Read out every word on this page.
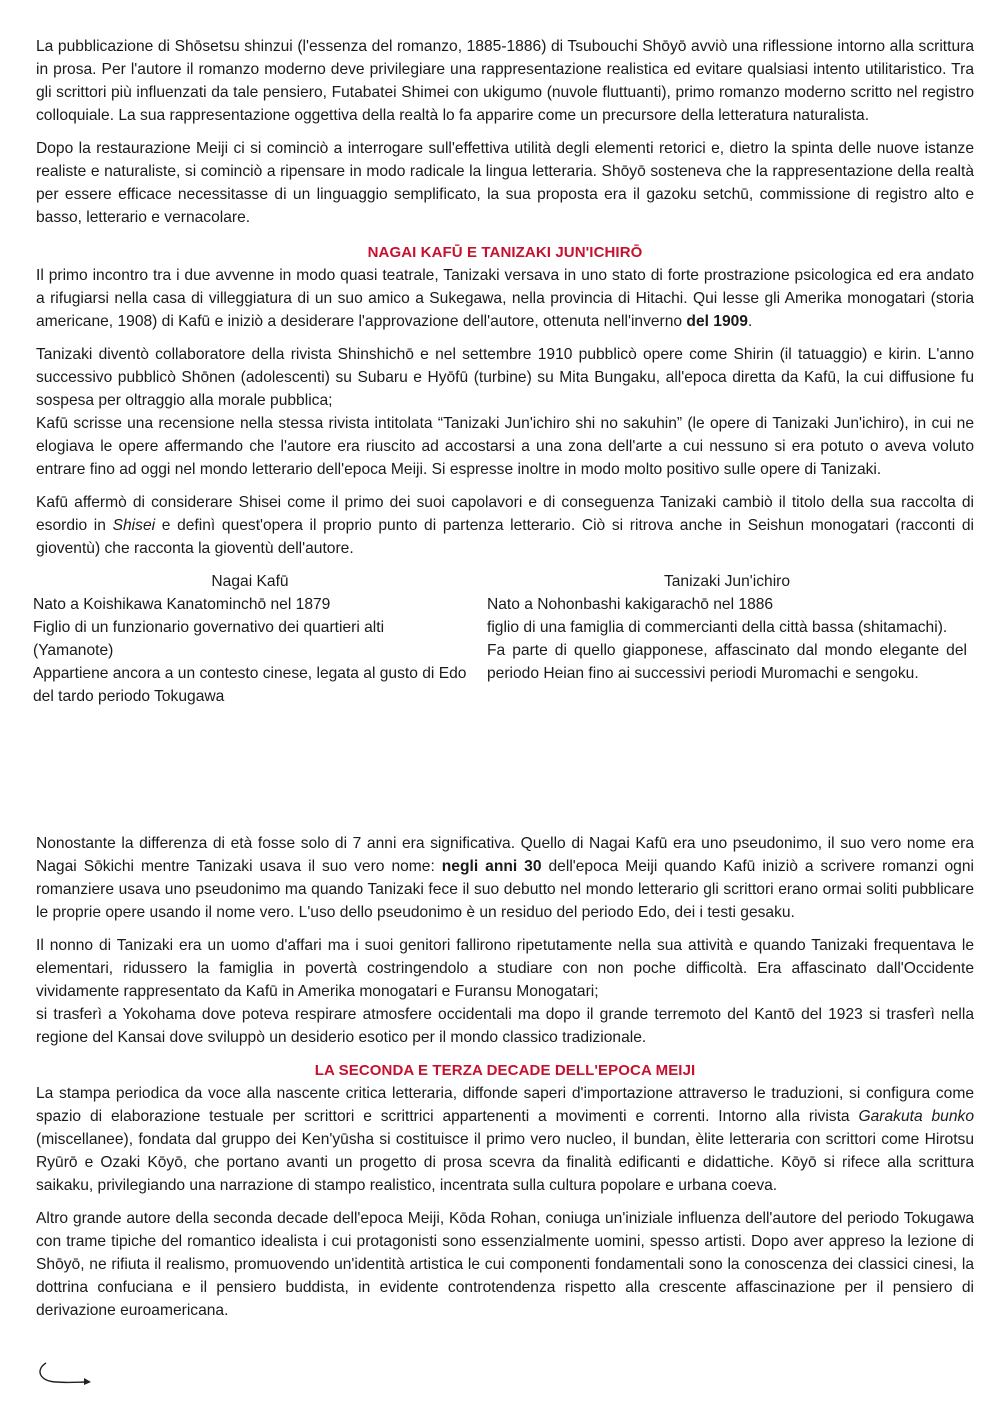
La pubblicazione di Shōsetsu shinzui (l'essenza del romanzo, 1885-1886) di Tsubouchi Shōyō avviò una riflessione intorno alla scrittura in prosa. Per l'autore il romanzo moderno deve privilegiare una rappresentazione realistica ed evitare qualsiasi intento utilitaristico. Tra gli scrittori più influenzati da tale pensiero, Futabatei Shimei con ukigumo (nuvole fluttuanti), primo romanzo moderno scritto nel registro colloquiale. La sua rappresentazione oggettiva della realtà lo fa apparire come un precursore della letteratura naturalista.

Dopo la restaurazione Meiji ci si cominciò a interrogare sull'effettiva utilità degli elementi retorici e, dietro la spinta delle nuove istanze realiste e naturaliste, si cominciò a ripensare in modo radicale la lingua letteraria. Shōyō sosteneva che la rappresentazione della realtà per essere efficace necessitasse di un linguaggio semplificato, la sua proposta era il gazoku setchū, commissione di registro alto e basso, letterario e vernacolare.

NAGAI KAFŪ E TANIZAKI JUN'ICHIRŌ

Il primo incontro tra i due avvenne in modo quasi teatrale, Tanizaki versava in uno stato di forte prostrazione psicologica ed era andato a rifugiarsi nella casa di villeggiatura di un suo amico a Sukegawa, nella provincia di Hitachi. Qui lesse gli Amerika monogatari (storia americane, 1908) di Kafū e iniziò a desiderare l'approvazione dell'autore, ottenuta nell'inverno del 1909.

Tanizaki diventò collaboratore della rivista Shinshichō e nel settembre 1910 pubblicò opere come Shirin (il tatuaggio) e kirin. L'anno successivo pubblicò Shōnen (adolescenti) su Subaru e Hyōfū (turbine) su Mita Bungaku, all'epoca diretta da Kafū, la cui diffusione fu sospesa per oltraggio alla morale pubblica;

Kafū scrisse una recensione nella stessa rivista intitolata “Tanizaki Jun'ichiro shi no sakuhin” (le opere di Tanizaki Jun'ichiro), in cui ne elogiava le opere affermando che l'autore era riuscito ad accostarsi a una zona dell'arte a cui nessuno si era potuto o aveva voluto entrare fino ad oggi nel mondo letterario dell'epoca Meiji. Si espresse inoltre in modo molto positivo sulle opere di Tanizaki.

Kafū affermò di considerare Shisei come il primo dei suoi capolavori e di conseguenza Tanizaki cambiò il titolo della sua raccolta di esordio in Shisei e definì quest'opera il proprio punto di partenza letterario. Ciò si ritrova anche in Seishun monogatari (racconti di gioventù) che racconta la gioventù dell'autore.

Nagai Kafū
Nato a Koishikawa Kanatominchō nel 1879
Figlio di un funzionario governativo dei quartieri alti (Yamanote)
Appartiene ancora a un contesto cinese, legata al gusto di Edo del tardo periodo Tokugawa
Tanizaki Jun'ichiro
Nato a Nohonbashi kakigarachō nel 1886
figlio di una famiglia di commercianti della città bassa (shitamachi).
Fa parte di quello giapponese, affascinato dal mondo elegante del periodo Heian fino ai successivi periodi Muromachi e sengoku.

Nonostante la differenza di età fosse solo di 7 anni era significativa. Quello di Nagai Kafū era uno pseudonimo, il suo vero nome era Nagai Sōkichi mentre Tanizaki usava il suo vero nome: negli anni 30 dell'epoca Meiji quando Kafū iniziò a scrivere romanzi ogni romanziere usava uno pseudonimo ma quando Tanizaki fece il suo debutto nel mondo letterario gli scrittori erano ormai soliti pubblicare le proprie opere usando il nome vero. L'uso dello pseudonimo è un residuo del periodo Edo, dei i testi gesaku.

Il nonno di Tanizaki era un uomo d'affari ma i suoi genitori fallirono ripetutamente nella sua attività e quando Tanizaki frequentava le elementari, ridussero la famiglia in povertà costringendolo a studiare con non poche difficoltà. Era affascinato dall'Occidente vividamente rappresentato da Kafū in Amerika monogatari e Furansu Monogatari;

si trasferì a Yokohama dove poteva respirare atmosfere occidentali ma dopo il grande terremoto del Kantō del 1923 si trasferì nella regione del Kansai dove sviluppò un desiderio esotico per il mondo classico tradizionale.

LA SECONDA E TERZA DECADE DELL'EPOCA MEIJI

La stampa periodica da voce alla nascente critica letteraria, diffonde saperi d'importazione attraverso le traduzioni, si configura come spazio di elaborazione testuale per scrittori e scrittrici appartenenti a movimenti e correnti. Intorno alla rivista Garakuta bunko (miscellanee), fondata dal gruppo dei Ken'yūsha si costituisce il primo vero nucleo, il bundan, èlite letteraria con scrittori come Hirotsu Ryūrō e Ozaki Kōyō, che portano avanti un progetto di prosa scevra da finalità edificanti e didattiche. Kōyō si rifece alla scrittura saikaku, privilegiando una narrazione di stampo realistico, incentrata sulla cultura popolare e urbana coeva.

Altro grande autore della seconda decade dell'epoca Meiji, Kōda Rohan, coniuga un'iniziale influenza dell'autore del periodo Tokugawa con trame tipiche del romantico idealista i cui protagonisti sono essenzialmente uomini, spesso artisti. Dopo aver appreso la lezione di Shōyō, ne rifiuta il realismo, promuovendo un'identità artistica le cui componenti fondamentali sono la conoscenza dei classici cinesi, la dottrina confuciana e il pensiero buddista, in evidente controtendenza rispetto alla crescente affascinazione per il pensiero di derivazione euroamericana.
